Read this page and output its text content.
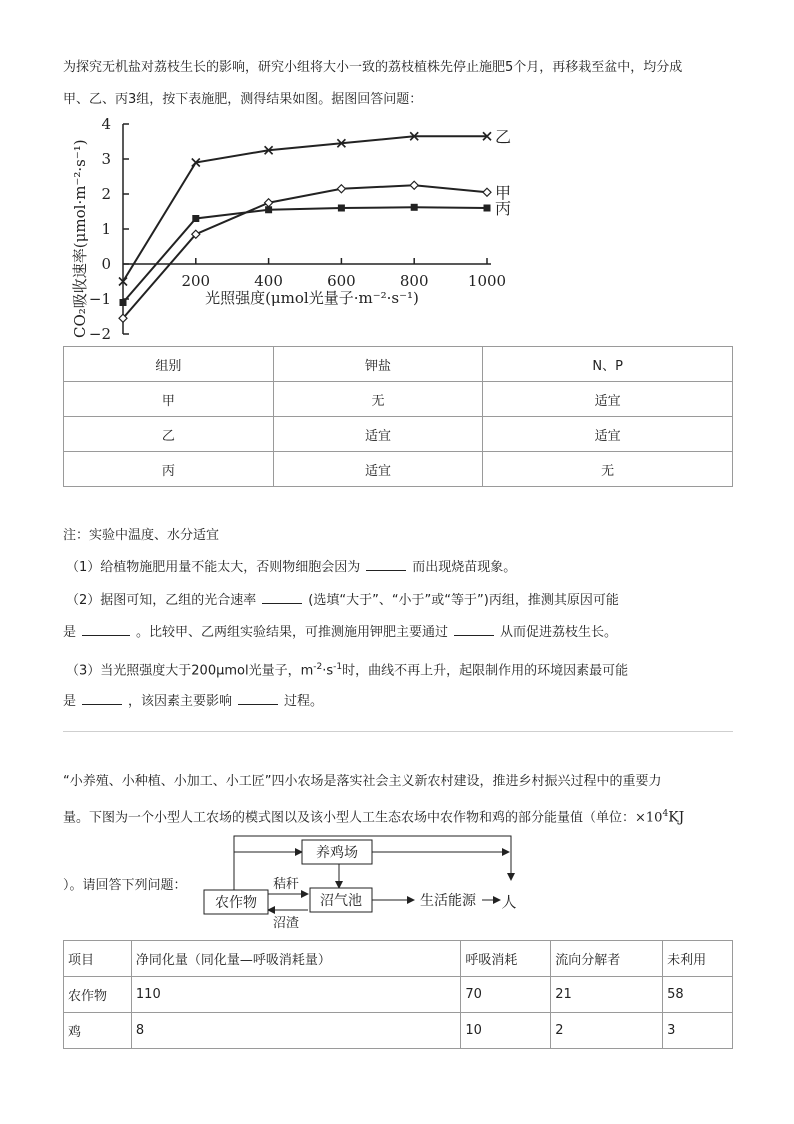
为探究无机盐对荔枝生长的影响，研究小组将大小一致的荔枝植株先停止施肥5个月，再移栽至盆中，均分成
甲、乙、丙3组，按下表施肥，测得结果如图。据图回答问题：
4
3
2
1
0
−1
−2
200	400	600	800	1000
乙
甲
丙
CO₂吸收速率(μmol·m⁻²·s⁻¹)	光照强度(μmol光量子·m⁻²·s⁻¹)
组别	钾盐	N、P
甲	无	适宜
乙	适宜	适宜
丙	适宜	无
注：实验中温度、水分适宜
（1）给植物施肥用量不能太大，否则物细胞会因为	而出现烧苗现象。
（2）据图可知，乙组的光合速率	(选填“大于”、“小于”或“等于”)丙组，推测其原因可能
是	。比较甲、乙两组实验结果，可推测施用钾肥主要通过	从而促进荔枝生长。
（3）当光照强度大于200μmol光量子，$m^{-2}\cdot s^{-1}$时，曲线不再上升，起限制作用的环境因素最可能
是	，该因素主要影响	过程。
“小养殖、小种植、小加工、小工匠”四小农场是落实社会主义新农村建设，推进乡村振兴过程中的重要力
量。下图为一个小型人工农场的模式图以及该小型人工生态农场中农作物和鸡的部分能量值（单位：$\times 10^4KJ$
）。请回答下列问题：
养鸡场
农作物	沼气池	生活能源 人
秸秆
沼渣
项目	净同化量（同化量—呼吸消耗量）	呼吸消耗	流向分解者	未利用
农作物	110	70	21	58
鸡	8	10	2	3
